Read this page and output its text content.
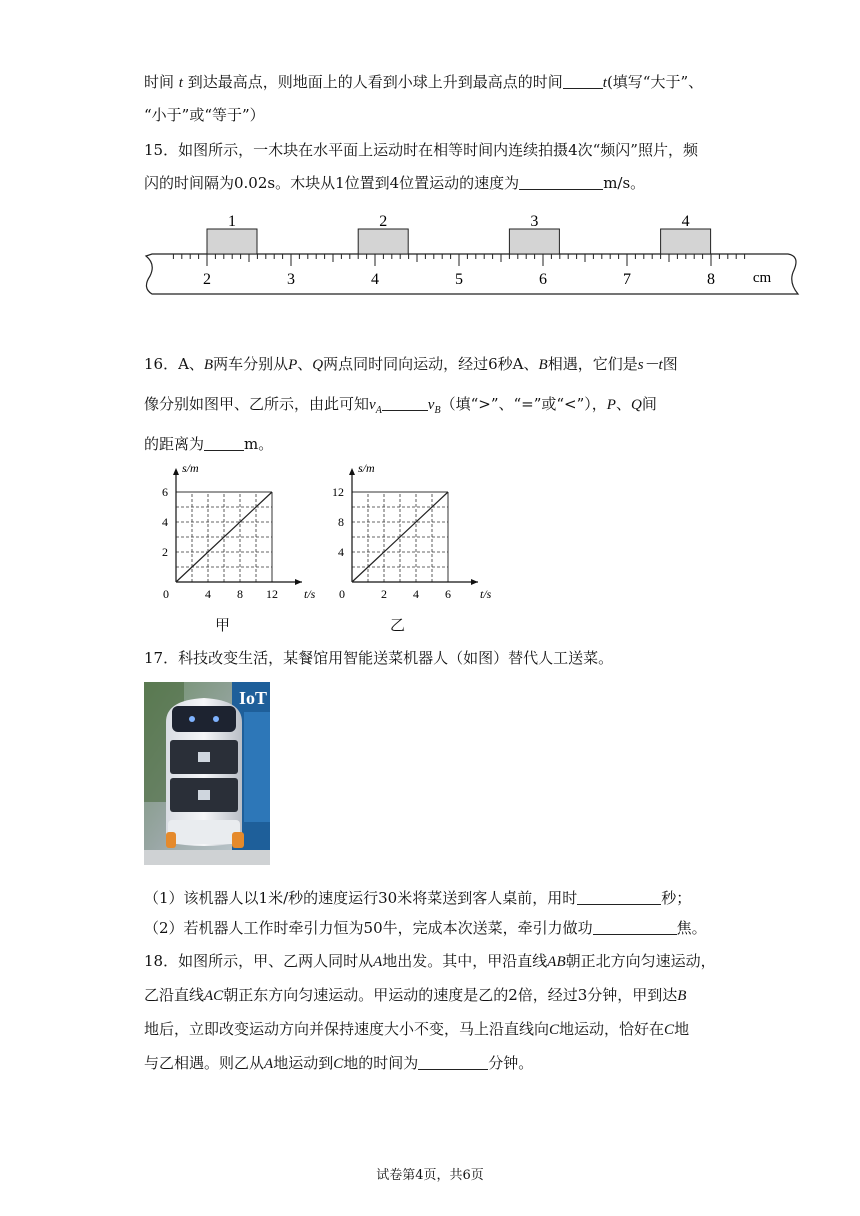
时间 t 到达最高点，则地面上的人看到小球上升到最高点的时间	t(填写“大于”、
“小于”或“等于”）
15．如图所示，一木块在水平面上运动时在相等时间内连续拍摄4次“频闪”照片，频
闪的时间隔为0.02s。木块从1位置到4位置运动的速度为	m/s。
2	3	4	5	6	7	8	cm
1	2	3	4
16．A、B两车分别从P、Q两点同时同向运动，经过6秒A、B相遇，它们是s－t图
像分别如图甲、乙所示，由此可知$v_A$	$v_B$（填“>”、“=”或“<”），P、Q间
的距离为	m。
s/m
t/s
0	4 8 12
2
4
6
甲
s/m
t/s
0	2 4 6
4
8
12
乙
17．科技改变生活，某餐馆用智能送菜机器人（如图）替代人工送菜。
IoT
（1）该机器人以1米/秒的速度运行30米将菜送到客人桌前，用时	秒；
（2）若机器人工作时牵引力恒为50牛，完成本次送菜，牵引力做功	焦。
18．如图所示，甲、乙两人同时从A地出发。其中，甲沿直线AB朝正北方向匀速运动，
乙沿直线AC朝正东方向匀速运动。甲运动的速度是乙的2倍，经过3分钟，甲到达B
地后，立即改变运动方向并保持速度大小不变，马上沿直线向C地运动，恰好在C地
与乙相遇。则乙从A地运动到C地的时间为	分钟。
试卷第4页，共6页
